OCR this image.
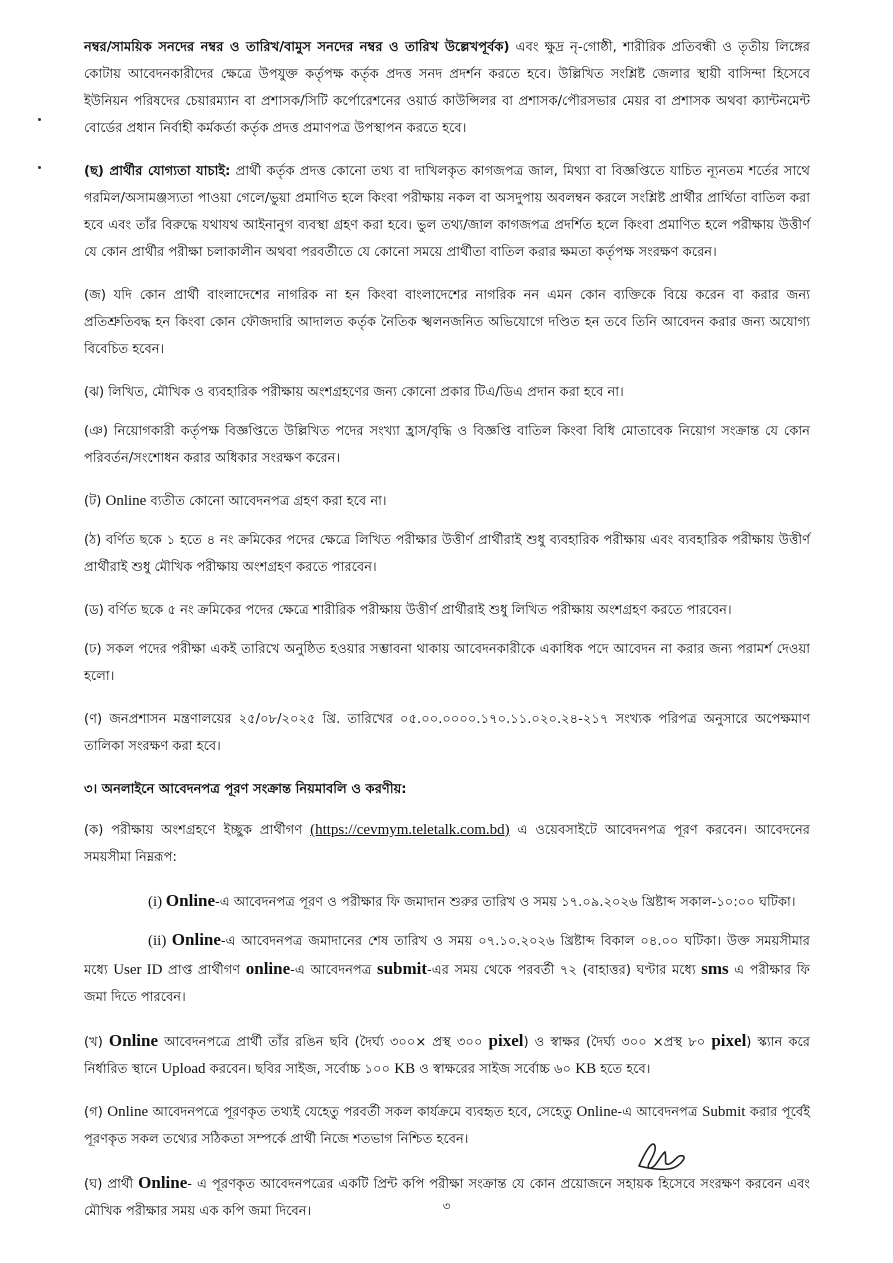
নম্বর/সাময়িক সনদের নম্বর ও তারিখ/বামুস সনদের নম্বর ও তারিখ উল্লেখপূর্বক) এবং ক্ষুদ্র নৃ-গোষ্ঠী, শারীরিক প্রতিবন্ধী ও তৃতীয় লিঙ্গের কোটায় আবেদনকারীদের ক্ষেত্রে উপযুক্ত কর্তৃপক্ষ কর্তৃক প্রদত্ত সনদ প্রদর্শন করতে হবে। উল্লিখিত সংশ্লিষ্ট জেলার স্থায়ী বাসিন্দা হিসেবে ইউনিয়ন পরিষদের চেয়ারম্যান বা প্রশাসক/সিটি কর্পোরেশনের ওয়ার্ড কাউন্সিলর বা প্রশাসক/পৌরসভার মেয়র বা প্রশাসক অথবা ক্যান্টনমেন্ট বোর্ডের প্রধান নির্বাহী কর্মকর্তা কর্তৃক প্রদত্ত প্রমাণপত্র উপস্থাপন করতে হবে।

(ছ) প্রার্থীর যোগ্যতা যাচাই: প্রার্থী কর্তৃক প্রদত্ত কোনো তথ্য বা দাখিলকৃত কাগজপত্র জাল, মিথ্যা বা বিজ্ঞপ্তিতে যাচিত ন্যূনতম শর্তের সাথে গরমিল/অসামঞ্জস্যতা পাওয়া গেলে/ভুয়া প্রমাণিত হলে কিংবা পরীক্ষায় নকল বা অসদুপায় অবলম্বন করলে সংশ্লিষ্ট প্রার্থীর প্রার্থিতা বাতিল করা হবে এবং তাঁর বিরুদ্ধে যথাযথ আইনানুগ ব্যবস্থা গ্রহণ করা হবে। ভুল তথ্য/জাল কাগজপত্র প্রদর্শিত হলে কিংবা প্রমাণিত হলে পরীক্ষায় উত্তীর্ণ যে কোন প্রার্থীর পরীক্ষা চলাকালীন অথবা পরবর্তীতে যে কোনো সময়ে প্রার্থীতা বাতিল করার ক্ষমতা কর্তৃপক্ষ সংরক্ষণ করেন।

(জ) যদি কোন প্রার্থী বাংলাদেশের নাগরিক না হন কিংবা বাংলাদেশের নাগরিক নন এমন কোন ব্যক্তিকে বিয়ে করেন বা করার জন্য প্রতিশ্রুতিবদ্ধ হন কিংবা কোন ফৌজদারি আদালত কর্তৃক নৈতিক স্খলনজনিত অভিযোগে দণ্ডিত হন তবে তিনি আবেদন করার জন্য অযোগ্য বিবেচিত হবেন।

(ঝ) লিখিত, মৌখিক ও ব্যবহারিক পরীক্ষায় অংশগ্রহণের জন্য কোনো প্রকার টিএ/ডিএ প্রদান করা হবে না।

(ঞ) নিয়োগকারী কর্তৃপক্ষ বিজ্ঞপ্তিতে উল্লিখিত পদের সংখ্যা হ্রাস/বৃদ্ধি ও বিজ্ঞপ্তি বাতিল কিংবা বিধি মোতাবেক নিয়োগ সংক্রান্ত যে কোন পরিবর্তন/সংশোধন করার অধিকার সংরক্ষণ করেন।

(ট) Online ব্যতীত কোনো আবেদনপত্র গ্রহণ করা হবে না।

(ঠ) বর্ণিত ছকে ১ হতে ৪ নং ক্রমিকের পদের ক্ষেত্রে লিখিত পরীক্ষার উত্তীর্ণ প্রার্থীরাই শুধু ব্যবহারিক পরীক্ষায় এবং ব্যবহারিক পরীক্ষায় উত্তীর্ণ প্রার্থীরাই শুধু মৌখিক পরীক্ষায় অংশগ্রহণ করতে পারবেন।

(ড) বর্ণিত ছকে ৫ নং ক্রমিকের পদের ক্ষেত্রে শারীরিক পরীক্ষায় উত্তীর্ণ প্রার্থীরাই শুধু লিখিত পরীক্ষায় অংশগ্রহণ করতে পারবেন।

(ঢ) সকল পদের পরীক্ষা একই তারিখে অনুষ্ঠিত হওয়ার সম্ভাবনা থাকায় আবেদনকারীকে একাধিক পদে আবেদন না করার জন্য পরামর্শ দেওয়া হলো।

(ণ) জনপ্রশাসন মন্ত্রণালয়ের ২৫/০৮/২০২৫ খ্রি. তারিখের ০৫.০০.০০০০.১৭০.১১.০২০.২৪-২১৭ সংখ্যক পরিপত্র অনুসারে অপেক্ষমাণ তালিকা সংরক্ষণ করা হবে।

৩। অনলাইনে আবেদনপত্র পূরণ সংক্রান্ত নিয়মাবলি ও করণীয়:

(ক) পরীক্ষায় অংশগ্রহণে ইচ্ছুক প্রার্থীগণ (https://cevmym.teletalk.com.bd) এ ওয়েবসাইটে আবেদনপত্র পূরণ করবেন। আবেদনের সময়সীমা নিম্নরূপ:

(i) Online-এ আবেদনপত্র পূরণ ও পরীক্ষার ফি জমাদান শুরুর তারিখ ও সময় ১৭.০৯.২০২৬ খ্রিষ্টাব্দ সকাল-১০:০০ ঘটিকা।

(ii) Online-এ আবেদনপত্র জমাদানের শেষ তারিখ ও সময় ০৭.১০.২০২৬ খ্রিষ্টাব্দ বিকাল ০৪.০০ ঘটিকা। উক্ত সময়সীমার মধ্যে User ID প্রাপ্ত প্রার্থীগণ online-এ আবেদনপত্র submit-এর সময় থেকে পরবর্তী ৭২ (বাহাত্তর) ঘণ্টার মধ্যে sms এ পরীক্ষার ফি জমা দিতে পারবেন।

(খ) Online আবেদনপত্রে প্রার্থী তাঁর রঙিন ছবি (দৈর্ঘ্য ৩০০× প্রস্থ ৩০০ pixel) ও স্বাক্ষর (দৈর্ঘ্য ৩০০ ×প্রস্থ ৮০ pixel) স্ক্যান করে নির্ধারিত স্থানে Upload করবেন। ছবির সাইজ, সর্বোচ্চ ১০০ KB ও স্বাক্ষরের সাইজ সর্বোচ্চ ৬০ KB হতে হবে।

(গ) Online আবেদনপত্রে পূরণকৃত তথ্যই যেহেতু পরবর্তী সকল কার্যক্রমে ব্যবহৃত হবে, সেহেতু Online-এ আবেদনপত্র Submit করার পূর্বেই পূরণকৃত সকল তথ্যের সঠিকতা সম্পর্কে প্রার্থী নিজে শতভাগ নিশ্চিত হবেন।

(ঘ) প্রার্থী Online- এ পূরণকৃত আবেদনপত্রের একটি প্রিন্ট কপি পরীক্ষা সংক্রান্ত যে কোন প্রয়োজনে সহায়ক হিসেবে সংরক্ষণ করবেন এবং মৌখিক পরীক্ষার সময় এক কপি জমা দিবেন।	৩
